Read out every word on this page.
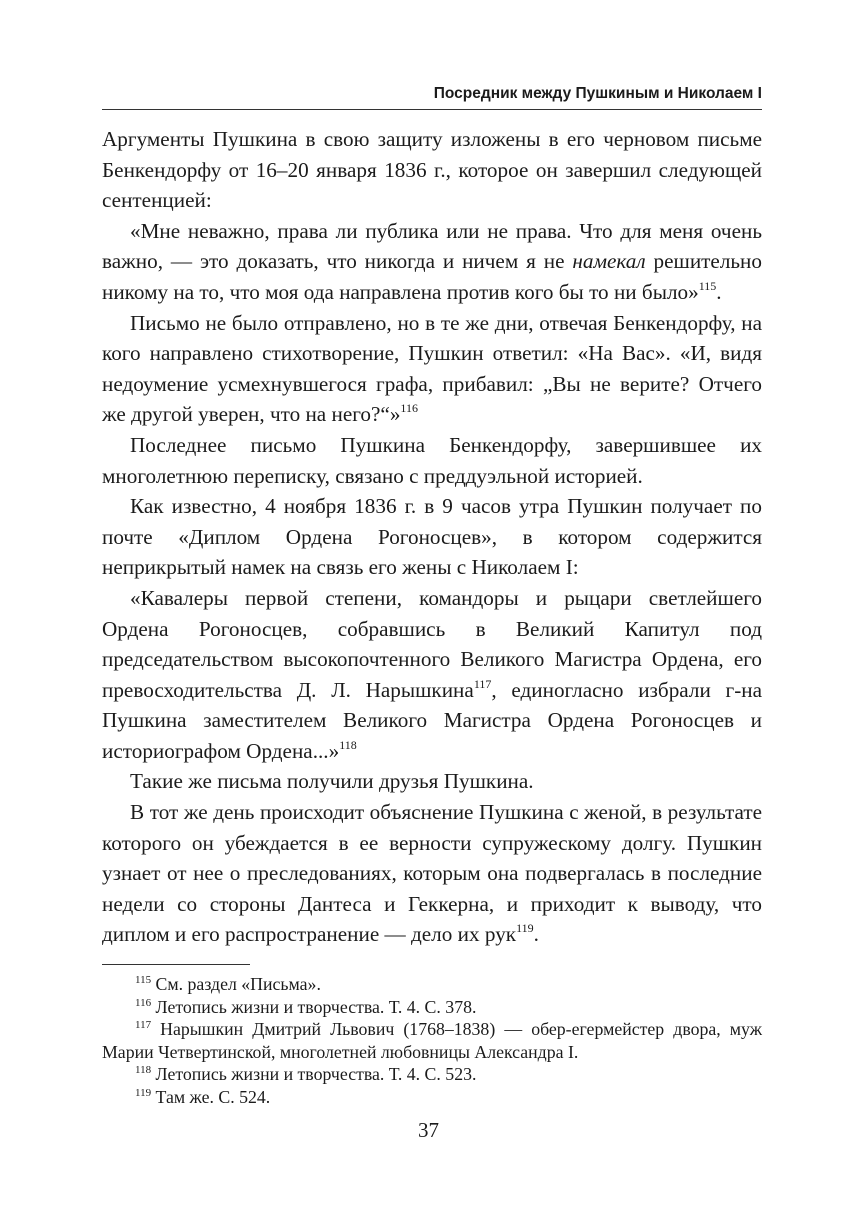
Посредник между Пушкиным и Николаем I

Аргументы Пушкина в свою защиту изложены в его черновом письме Бенкендорфу от 16–20 января 1836 г., которое он завершил следующей сентенцией:

«Мне неважно, права ли публика или не права. Что для меня очень важно, — это доказать, что никогда и ничем я не намекал решительно никому на то, что моя ода направлена против кого бы то ни было»$^{115}$.

Письмо не было отправлено, но в те же дни, отвечая Бенкендорфу, на кого направлено стихотворение, Пушкин ответил: «На Вас». «И, видя недоумение усмехнувшегося графа, прибавил: „Вы не верите? Отчего же другой уверен, что на него?“»$^{116}$

Последнее письмо Пушкина Бенкендорфу, завершившее их многолетнюю переписку, связано с преддуэльной историей.

Как известно, 4 ноября 1836 г. в 9 часов утра Пушкин получает по почте «Диплом Ордена Рогоносцев», в котором содержится неприкрытый намек на связь его жены с Николаем I:

«Кавалеры первой степени, командоры и рыцари светлейшего Ордена Рогоносцев, собравшись в Великий Капитул под председательством высокопочтенного Великого Магистра Ордена, его превосходительства Д. Л. Нарышкина$^{117}$, единогласно избрали г-на Пушкина заместителем Великого Магистра Ордена Рогоносцев и историографом Ордена...»$^{118}$

Такие же письма получили друзья Пушкина.

В тот же день происходит объяснение Пушкина с женой, в результате которого он убеждается в ее верности супружескому долгу. Пушкин узнает от нее о преследованиях, которым она подвергалась в последние недели со стороны Дантеса и Геккерна, и приходит к выводу, что диплом и его распространение — дело их рук$^{119}$.

$^{115}$ См. раздел «Письма».

$^{116}$ Летопись жизни и творчества. Т. 4. С. 378.

$^{117}$ Нарышкин Дмитрий Львович (1768–1838) — обер-егермейстер двора, муж Марии Четвертинской, многолетней любовницы Александра I.

$^{118}$ Летопись жизни и творчества. Т. 4. С. 523.

$^{119}$ Там же. С. 524.

37
